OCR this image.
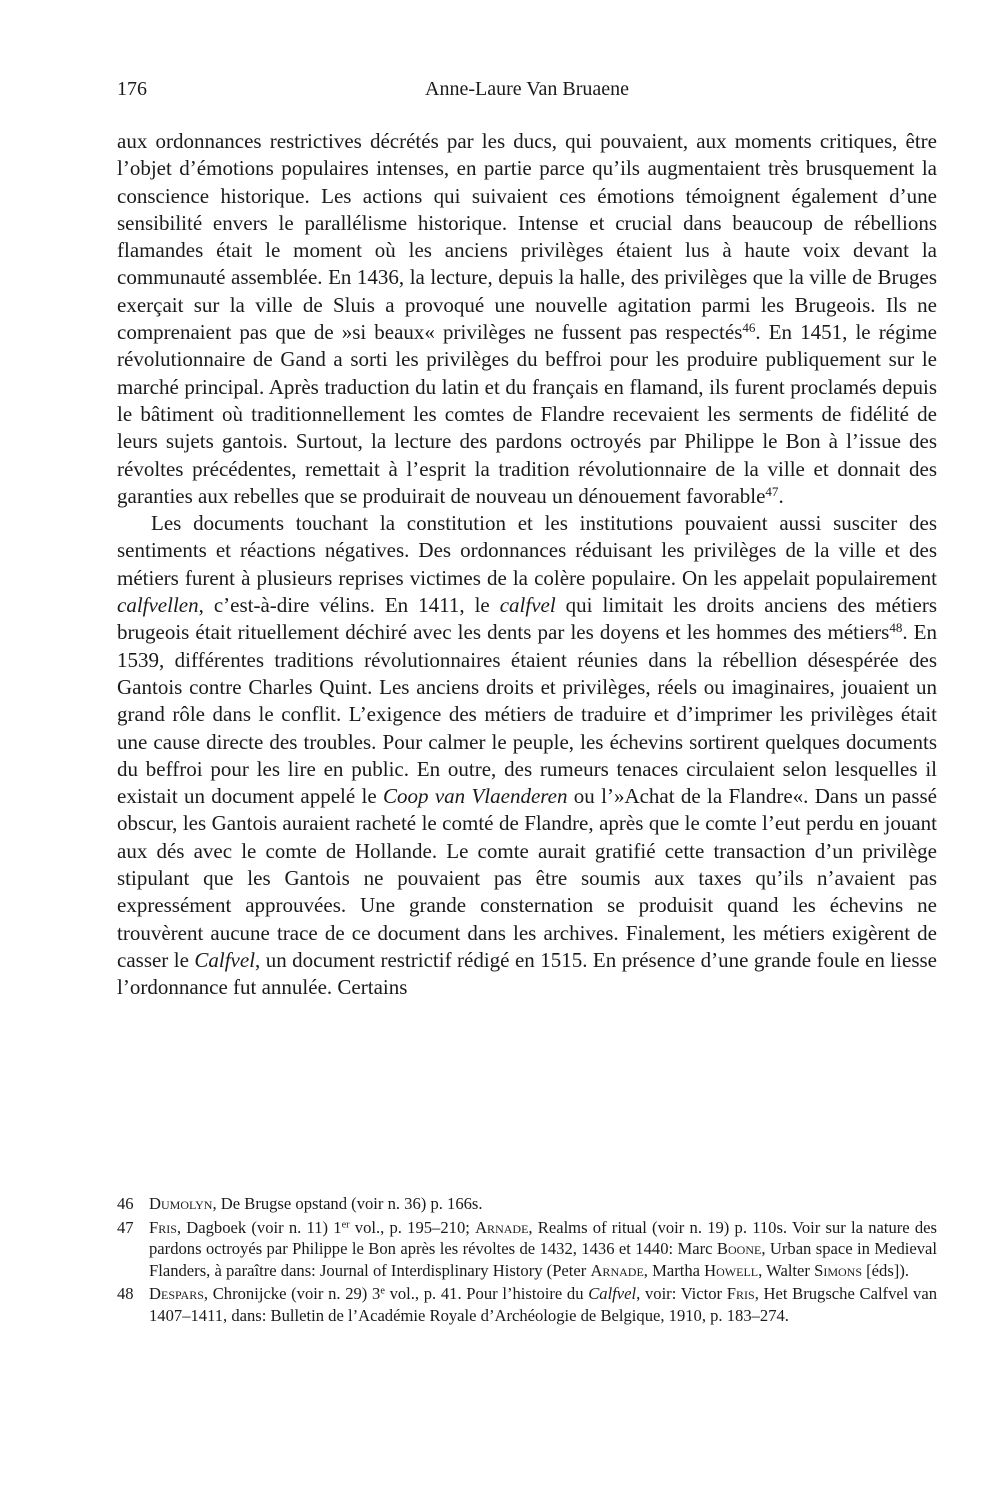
176	Anne-Laure Van Bruaene

aux ordonnances restrictives décrétés par les ducs, qui pouvaient, aux moments critiques, être l’objet d’émotions populaires intenses, en partie parce qu’ils augmentaient très brusquement la conscience historique. Les actions qui suivaient ces émotions témoignent également d’une sensibilité envers le parallélisme historique. Intense et crucial dans beaucoup de rébellions flamandes était le moment où les anciens privilèges étaient lus à haute voix devant la communauté assemblée. En 1436, la lecture, depuis la halle, des privilèges que la ville de Bruges exerçait sur la ville de Sluis a provoqué une nouvelle agitation parmi les Brugeois. Ils ne comprenaient pas que de »si beaux« privilèges ne fussent pas respectés$^{46}$. En 1451, le régime révolutionnaire de Gand a sorti les privilèges du beffroi pour les produire publiquement sur le marché principal. Après traduction du latin et du français en flamand, ils furent proclamés depuis le bâtiment où traditionnellement les comtes de Flandre recevaient les serments de fidélité de leurs sujets gantois. Surtout, la lecture des pardons octroyés par Philippe le Bon à l’issue des révoltes précédentes, remettait à l’esprit la tradition révolutionnaire de la ville et donnait des garanties aux rebelles que se produirait de nouveau un dénouement favorable$^{47}$.

Les documents touchant la constitution et les institutions pouvaient aussi susciter des sentiments et réactions négatives. Des ordonnances réduisant les privilèges de la ville et des métiers furent à plusieurs reprises victimes de la colère populaire. On les appelait populairement calfvellen, c’est-à-dire vélins. En 1411, le calfvel qui limitait les droits anciens des métiers brugeois était rituellement déchiré avec les dents par les doyens et les hommes des métiers$^{48}$. En 1539, différentes traditions révolutionnaires étaient réunies dans la rébellion désespérée des Gantois contre Charles Quint. Les anciens droits et privilèges, réels ou imaginaires, jouaient un grand rôle dans le conflit. L’exigence des métiers de traduire et d’imprimer les privilèges était une cause directe des troubles. Pour calmer le peuple, les échevins sortirent quelques documents du beffroi pour les lire en public. En outre, des rumeurs tenaces circulaient selon lesquelles il existait un document appelé le Coop van Vlaenderen ou l’»Achat de la Flandre«. Dans un passé obscur, les Gantois auraient racheté le comté de Flandre, après que le comte l’eut perdu en jouant aux dés avec le comte de Hollande. Le comte aurait gratifié cette transaction d’un privilège stipulant que les Gantois ne pouvaient pas être soumis aux taxes qu’ils n’avaient pas expressément approuvées. Une grande consternation se produisit quand les échevins ne trouvèrent aucune trace de ce document dans les archives. Finalement, les métiers exigèrent de casser le Calfvel, un document restrictif rédigé en 1515. En présence d’une grande foule en liesse l’ordonnance fut annulée. Certains

46 Dumolyn, De Brugse opstand (voir n. 36) p. 166s.

47 Fris, Dagboek (voir n. 11) 1er vol., p. 195–210; Arnade, Realms of ritual (voir n. 19) p. 110s. Voir sur la nature des pardons octroyés par Philippe le Bon après les révoltes de 1432, 1436 et 1440: Marc Boone, Urban space in Medieval Flanders, à paraître dans: Journal of Interdisplinary History (Peter Arnade, Martha Howell, Walter Simons [éds]).

48 Despars, Chronijcke (voir n. 29) 3e vol., p. 41. Pour l’histoire du Calfvel, voir: Victor Fris, Het Brugsche Calfvel van 1407–1411, dans: Bulletin de l’Académie Royale d’Archéologie de Belgique, 1910, p. 183–274.
